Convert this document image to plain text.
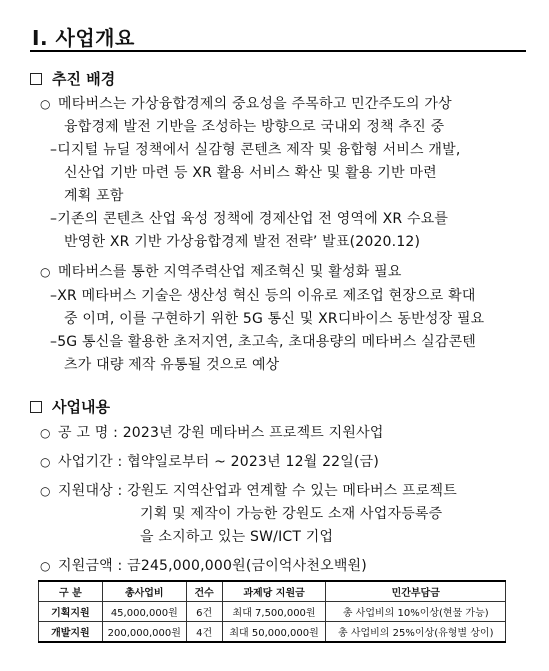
I. 사업개요
추진 배경
○ 메타버스는 가상융합경제의 중요성을 주목하고 민간주도의 가상
융합경제 발전 기반을 조성하는 방향으로 국내외 정책 추진 중
–디지털 뉴딜 정책에서 실감형 콘텐츠 제작 및 융합형 서비스 개발,
신산업 기반 마련 등 XR 활용 서비스 확산 및 활용 기반 마련
계획 포함
–기존의 콘텐츠 산업 육성 정책에 경제산업 전 영역에 XR 수요를
반영한 XR 기반 가상융합경제 발전 전략’ 발표(2020.12)
○ 메타버스를 통한 지역주력산업 제조혁신 및 활성화 필요
–XR 메타버스 기술은 생산성 혁신 등의 이유로 제조업 현장으로 확대
중 이며, 이를 구현하기 위한 5G 통신 및 XR디바이스 동반성장 필요
–5G 통신을 활용한 초저지연, 초고속, 초대용량의 메타버스 실감콘텐
츠가 대량 제작 유통될 것으로 예상
사업내용
○ 공 고 명 : 2023년 강원 메타버스 프로젝트 지원사업
○ 사업기간 : 협약일로부터 ~ 2023년 12월 22일(금)
○ 지원대상 : 강원도 지역산업과 연계할 수 있는 메타버스 프로젝트
기획 및 제작이 가능한 강원도 소재 사업자등록증
을 소지하고 있는 SW/ICT 기업
○ 지원금액 : 금245,000,000원(금이억사천오백원)
구 분	총사업비	건수	과제당 지원금	민간부담금
기획지원	45,000,000원	6건	최대 7,500,000원	총 사업비의 10%이상(현물 가능)
개발지원	200,000,000원	4건	최대 50,000,000원	총 사업비의 25%이상(유형별 상이)
